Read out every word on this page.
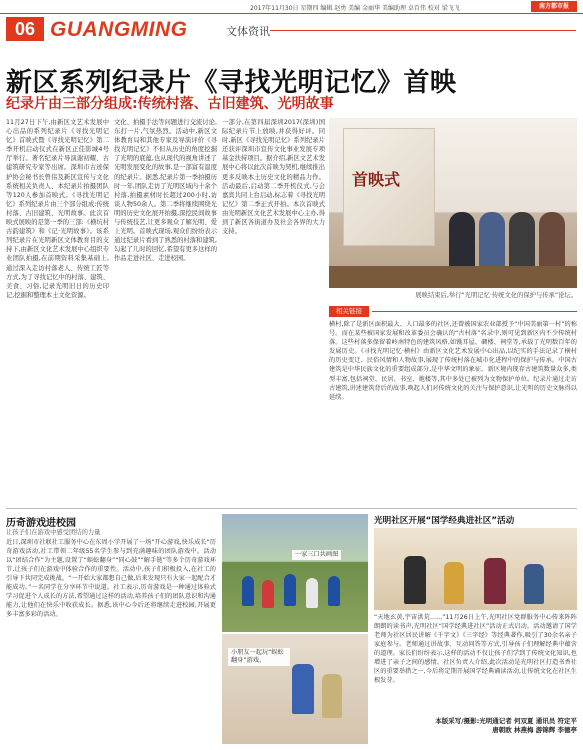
2017年11月30日 星期四 编辑 赵勇 美编 金丽华 美编助理 卓百伟 校对 梁飞飞	南方都市报
06 GUANGMING	文体资讯
新区系列纪录片《寻找光明记忆》首映
纪录片由三部分组成:传统村落、古旧建筑、光明故事
11月27日下午,由新区文艺术发展中心出品的系列纪录片《寻找光明记忆》首映式暨《寻找光明记忆》第二季开机启动仪式在新区正佳影城4号厅举行。著名纪录片导演谢初耀、古建筑研究专家等出席。深圳市古迹保护协会秘书长曾伟及新区宣传与文化系统相关负责人、本纪录片拍摄团队等120人参加首映式。《寻找光明记忆》系列纪录片由三个部分组成:传统村落、古旧建筑、光明故事。此次首映式展映的是第一季的三部:《横坑村古韵建筑》和《记·光明故事》。该系列纪录片在光明新区文体教育目的支持下,由新区文化艺术发展中心组织专业团队拍摄,在前期资料采集基础上,通过深入走访村落老人、传统工匠等方式,为了寻找记忆中的村落、建筑、美食、习俗,记录光明旧日的历史印记,挖掘和整理本土文化资源。
文化、拍摄手法等问题进行交流讨论,东打一片,气氛热烈。活动中,新区文体教育局和其他专家及导演评价《寻找光明记忆》不但从历史的角度挖掘了光明的底蕴,也从现代的视角讲述了光明发展变化的故事,是一部富有温度的纪录片。据悉,纪录片第一季拍摄历时一年,团队走访了光明区域内十余个村落,拍摄素材时长超过200小时,访谈人物50余人。第二季将继续围绕光明的历史文化展开拍摄,深挖民间故事与传统技艺,让更多观众了解光明、爱上光明。首映式现场,观众们纷纷表示通过纪录片看到了熟悉的村落和建筑,勾起了儿时的回忆,希望有更多这样的作品走进社区、走进校园。
一部分,在第四届深圳2017(深圳)国际纪录片节上放映,并获得好评。同时,新区《寻找光明记忆》系列纪录片还获评深圳市宣传文化事业发展专项基金扶持项目。据介绍,新区文艺术发展中心将以此次首映为契机,继续推出更多反映本土历史文化的精品力作。活动最后,启动第二季开机仪式,与会嘉宾共同上台启动,标志着《寻找光明记忆》第二季正式开拍。本次首映式由光明新区文化艺术发展中心主办,得到了新区各街道办及社会各界的大力支持。
首映式
展映结束后,举行“光明记忆·传统文化的保护与传承”论坛。
相关链接
横村,除了是新区面积最大、人口最多的社区,还曾被国家农业部授予“中国美丽第一村”的称号。而在某些被国家发展和改革委员会确认的“古村落”名录中,则可见到新区内不少传统村落。这些村落多保留着岭南特色的建筑风格,如镬耳屋、碉楼、祠堂等,承载了光明数百年的发展历史。《寻找光明记忆·横村》由新区文化艺术发展中心出品,以纪实的手法记录了横村的历史变迁、民俗风情和人物故事,展现了传统村落在城市化进程中的保护与传承。中国古建筑是中华民族文化的重要组成部分,是中华文明的象征。新区境内现存古建筑数量众多,类型丰富,包括祠堂、民居、书室、炮楼等,其中多处已被列为文物保护单位。纪录片通过走访古建筑,讲述建筑背后的故事,唤起人们对传统文化的关注与保护意识,让光明的历史文脉得以延续。
历奇游戏进校园
让孩子们在游戏中感受团结的力量
近日,深圳市社联社工服务中心在东周小学开展了一场“开心游戏,快乐成长”历奇游戏活动,社工带领二年级55名学生参与到充满趣味的团队游戏中。活动以“团结合作”为主题,设置了“蜈蚣翻身”“同心鼓”“解手链”等多个历奇游戏环节,让孩子们在游戏中体验合作的重要性。活动中,孩子们积极投入,在社工的引导下共同完成挑战。“一开始大家都想自己做,后来发现只有大家一起配合才能成功。”一名同学在分享环节中说道。社工表示,历奇游戏是一种通过体验式学习促进个人成长的方法,希望通过这样的活动,培养孩子们的团队意识和沟通能力,让他们在快乐中收获成长。据悉,该中心今后还将继续走进校园,开展更多丰富多彩的活动。
一家三口共画图
小朋友一起玩“蜈蚣翻身”游戏。
光明社区开展“国学经典进社区”活动
“天地玄黄,宇宙洪荒……”11月26日上午,光明社区党群服务中心传来阵阵朗朗的读书声,光明社区“国学经典进社区”活动正式启动。活动邀请了国学老师为社区居民讲解《千字文》《三字经》等经典著作,吸引了30余名亲子家庭参与。老师通过讲故事、互动问答等方式,引导孩子们理解经典中蕴含的道理。家长们纷纷表示,这样的活动不仅让孩子们学到了传统文化知识,也增进了亲子之间的感情。社区负责人介绍,此次活动是光明社区打造书香社区的重要举措之一,今后将定期开展国学经典诵读活动,让传统文化在社区生根发芽。
本版采写/摄影:光明通记者 何双夏 通讯员 符定平 唐朝欧 林燕梅 游锦辉 李德亭
